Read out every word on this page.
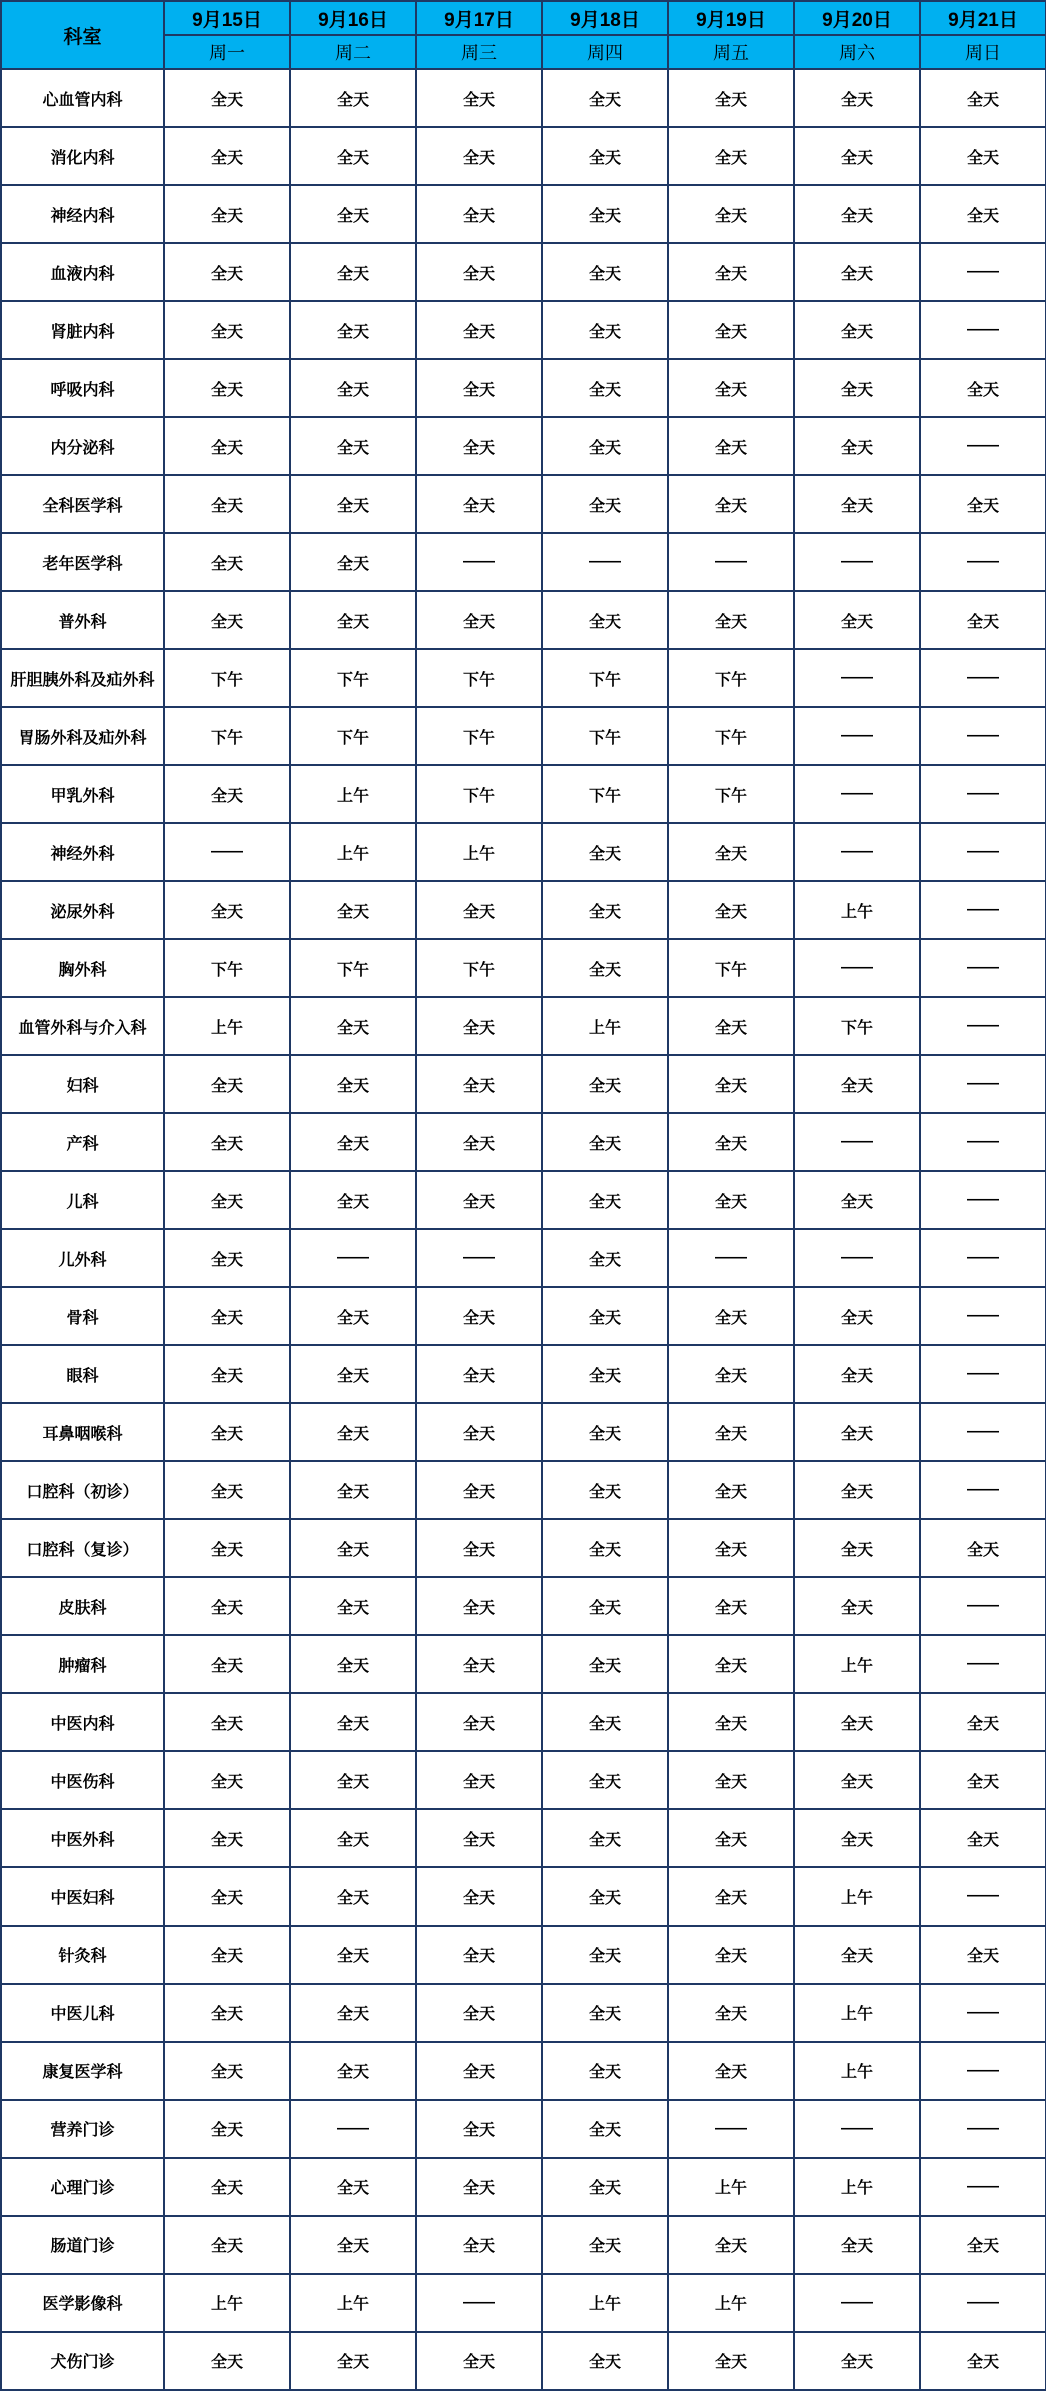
科室	9月15日	9月16日	9月17日	9月18日	9月19日	9月20日	9月21日
	周一	周二	周三	周四	周五	周六	周日
心血管内科	全天	全天	全天	全天	全天	全天	全天
消化内科	全天	全天	全天	全天	全天	全天	全天
神经内科	全天	全天	全天	全天	全天	全天	全天
血液内科	全天	全天	全天	全天	全天	全天	——
肾脏内科	全天	全天	全天	全天	全天	全天	——
呼吸内科	全天	全天	全天	全天	全天	全天	全天
内分泌科	全天	全天	全天	全天	全天	全天	——
全科医学科	全天	全天	全天	全天	全天	全天	全天
老年医学科	全天	全天	——	——	——	——	——
普外科	全天	全天	全天	全天	全天	全天	全天
肝胆胰外科及疝外科	下午	下午	下午	下午	下午	——	——
胃肠外科及疝外科	下午	下午	下午	下午	下午	——	——
甲乳外科	全天	上午	下午	下午	下午	——	——
神经外科	——	上午	上午	全天	全天	——	——
泌尿外科	全天	全天	全天	全天	全天	上午	——
胸外科	下午	下午	下午	全天	下午	——	——
血管外科与介入科	上午	全天	全天	上午	全天	下午	——
妇科	全天	全天	全天	全天	全天	全天	——
产科	全天	全天	全天	全天	全天	——	——
儿科	全天	全天	全天	全天	全天	全天	——
儿外科	全天	——	——	全天	——	——	——
骨科	全天	全天	全天	全天	全天	全天	——
眼科	全天	全天	全天	全天	全天	全天	——
耳鼻咽喉科	全天	全天	全天	全天	全天	全天	——
口腔科（初诊）	全天	全天	全天	全天	全天	全天	——
口腔科（复诊）	全天	全天	全天	全天	全天	全天	全天
皮肤科	全天	全天	全天	全天	全天	全天	——
肿瘤科	全天	全天	全天	全天	全天	上午	——
中医内科	全天	全天	全天	全天	全天	全天	全天
中医伤科	全天	全天	全天	全天	全天	全天	全天
中医外科	全天	全天	全天	全天	全天	全天	全天
中医妇科	全天	全天	全天	全天	全天	上午	——
针灸科	全天	全天	全天	全天	全天	全天	全天
中医儿科	全天	全天	全天	全天	全天	上午	——
康复医学科	全天	全天	全天	全天	全天	上午	——
营养门诊	全天	——	全天	全天	——	——	——
心理门诊	全天	全天	全天	全天	上午	上午	——
肠道门诊	全天	全天	全天	全天	全天	全天	全天
医学影像科	上午	上午	——	上午	上午	——	——
犬伤门诊	全天	全天	全天	全天	全天	全天	全天
